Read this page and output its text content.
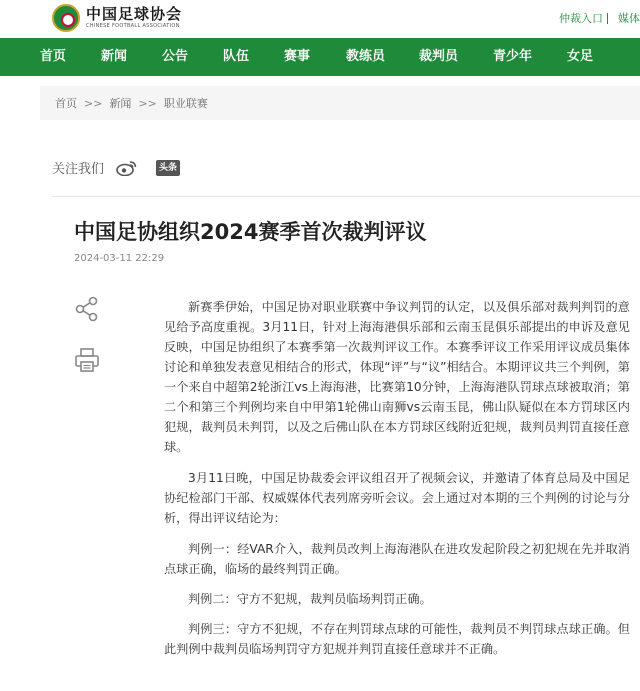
中国足球协会
CHINESE FOOTBALL ASSOCIATION
仲裁入口 媒体
首页	新闻	公告	队伍	赛事	教练员	裁判员	青少年	女足
首页 >> 新闻 >> 职业联赛
关注我们	头条
中国足协组织2024赛季首次裁判评议
2024-03-11 22:29

新赛季伊始，中国足协对职业联赛中争议判罚的认定，以及俱乐部对裁判判罚的意见给予高度重视。3月11日，针对上海海港俱乐部和云南玉昆俱乐部提出的申诉及意见反映，中国足协组织了本赛季第一次裁判评议工作。本赛季评议工作采用评议成员集体讨论和单独发表意见相结合的形式，体现“评”与“议”相结合。本期评议共三个判例，第一个来自中超第2轮浙江vs上海海港，比赛第10分钟，上海海港队罚球点球被取消；第二个和第三个判例均来自中甲第1轮佛山南狮vs云南玉昆，佛山队疑似在本方罚球区内犯规，裁判员未判罚，以及之后佛山队在本方罚球区线附近犯规，裁判员判罚直接任意球。

3月11日晚，中国足协裁委会评议组召开了视频会议，并邀请了体育总局及中国足协纪检部门干部、权威媒体代表列席旁听会议。会上通过对本期的三个判例的讨论与分析，得出评议结论为：

判例一：经VAR介入，裁判员改判上海海港队在进攻发起阶段之初犯规在先并取消点球正确，临场的最终判罚正确。

判例二：守方不犯规，裁判员临场判罚正确。

判例三：守方不犯规，不存在判罚球点球的可能性，裁判员不判罚球点球正确。但此判例中裁判员临场判罚守方犯规并判罚直接任意球并不正确。
